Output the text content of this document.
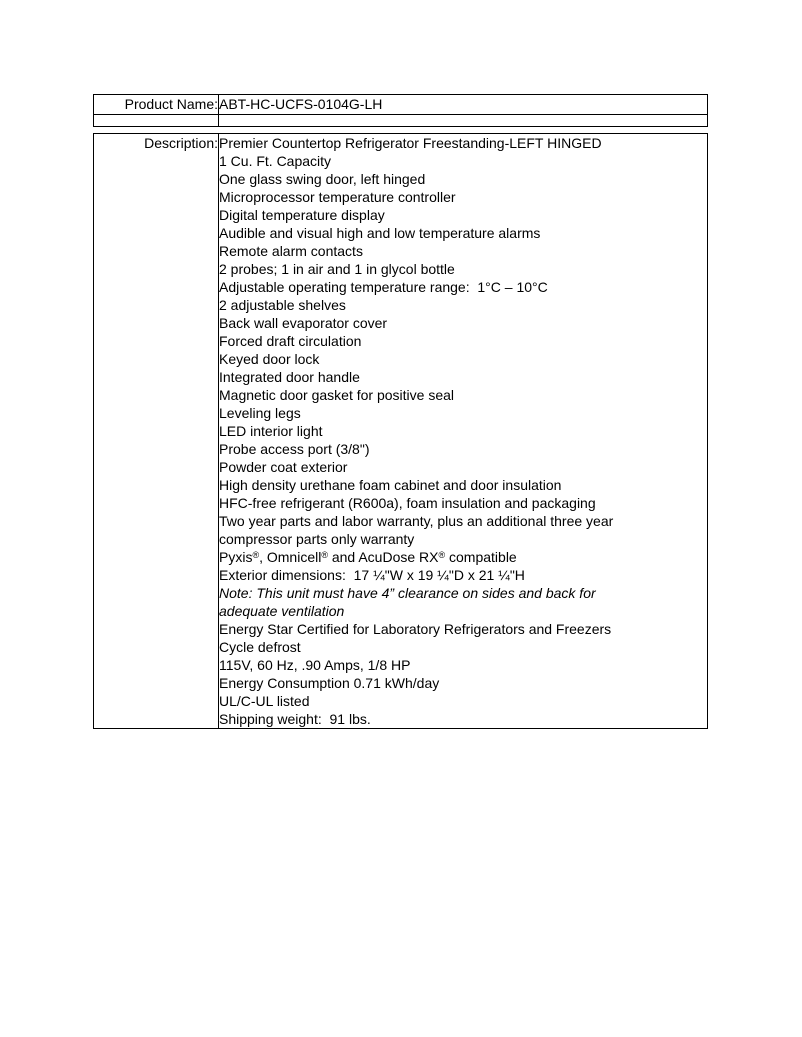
Product Name:	ABT-HC-UCFS-0104G-LH

Description:	Premier Countertop Refrigerator Freestanding-LEFT HINGED
1 Cu. Ft. Capacity
One glass swing door, left hinged
Microprocessor temperature controller
Digital temperature display
Audible and visual high and low temperature alarms
Remote alarm contacts
2 probes; 1 in air and 1 in glycol bottle
Adjustable operating temperature range:  1°C – 10°C
2 adjustable shelves
Back wall evaporator cover
Forced draft circulation
Keyed door lock
Integrated door handle
Magnetic door gasket for positive seal
Leveling legs
LED interior light
Probe access port (3/8")
Powder coat exterior
High density urethane foam cabinet and door insulation
HFC-free refrigerant (R600a), foam insulation and packaging
Two year parts and labor warranty, plus an additional three year
compressor parts only warranty
Pyxis®, Omnicell® and AcuDose RX® compatible
Exterior dimensions:  17 ¼"W x 19 ¼"D x 21 ¼"H
Note: This unit must have 4” clearance on sides and back for
adequate ventilation
Energy Star Certified for Laboratory Refrigerators and Freezers
Cycle defrost
115V, 60 Hz, .90 Amps, 1/8 HP
Energy Consumption 0.71 kWh/day
UL/C-UL listed
Shipping weight:  91 lbs.
